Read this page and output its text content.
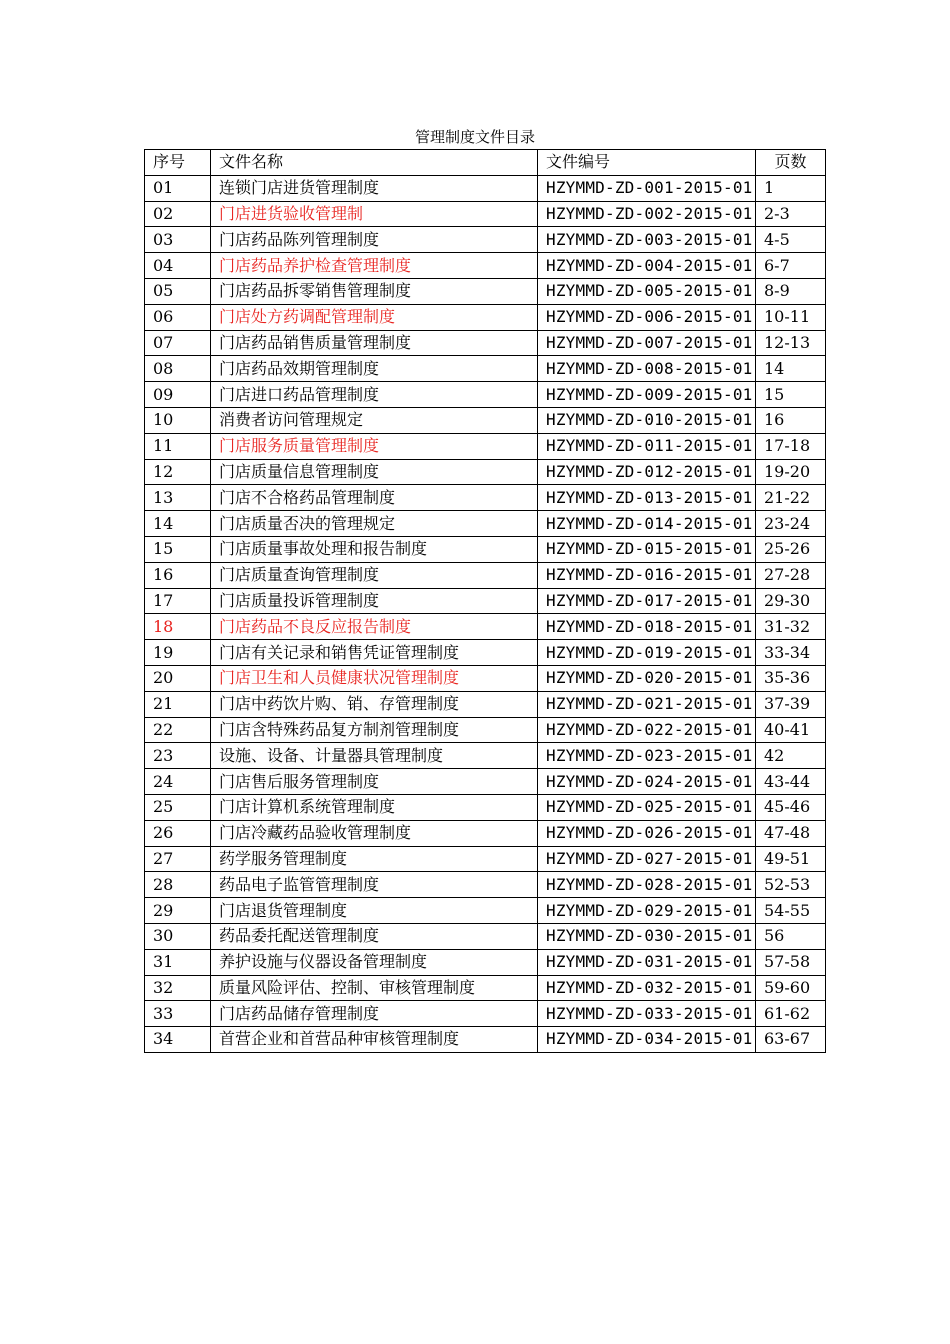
管理制度文件目录
序号	文件名称	文件编号	页数
01	连锁门店进货管理制度	HZYMMD-ZD-001-2015-01	1
02	门店进货验收管理制	HZYMMD-ZD-002-2015-01	2-3
03	门店药品陈列管理制度	HZYMMD-ZD-003-2015-01	4-5
04	门店药品养护检查管理制度	HZYMMD-ZD-004-2015-01	6-7
05	门店药品拆零销售管理制度	HZYMMD-ZD-005-2015-01	8-9
06	门店处方药调配管理制度	HZYMMD-ZD-006-2015-01	10-11
07	门店药品销售质量管理制度	HZYMMD-ZD-007-2015-01	12-13
08	门店药品效期管理制度	HZYMMD-ZD-008-2015-01	14
09	门店进口药品管理制度	HZYMMD-ZD-009-2015-01	15
10	消费者访问管理规定	HZYMMD-ZD-010-2015-01	16
11	门店服务质量管理制度	HZYMMD-ZD-011-2015-01	17-18
12	门店质量信息管理制度	HZYMMD-ZD-012-2015-01	19-20
13	门店不合格药品管理制度	HZYMMD-ZD-013-2015-01	21-22
14	门店质量否决的管理规定	HZYMMD-ZD-014-2015-01	23-24
15	门店质量事故处理和报告制度	HZYMMD-ZD-015-2015-01	25-26
16	门店质量查询管理制度	HZYMMD-ZD-016-2015-01	27-28
17	门店质量投诉管理制度	HZYMMD-ZD-017-2015-01	29-30
18	门店药品不良反应报告制度	HZYMMD-ZD-018-2015-01	31-32
19	门店有关记录和销售凭证管理制度	HZYMMD-ZD-019-2015-01	33-34
20	门店卫生和人员健康状况管理制度	HZYMMD-ZD-020-2015-01	35-36
21	门店中药饮片购、销、存管理制度	HZYMMD-ZD-021-2015-01	37-39
22	门店含特殊药品复方制剂管理制度	HZYMMD-ZD-022-2015-01	40-41
23	设施、设备、计量器具管理制度	HZYMMD-ZD-023-2015-01	42
24	门店售后服务管理制度	HZYMMD-ZD-024-2015-01	43-44
25	门店计算机系统管理制度	HZYMMD-ZD-025-2015-01	45-46
26	门店冷藏药品验收管理制度	HZYMMD-ZD-026-2015-01	47-48
27	药学服务管理制度	HZYMMD-ZD-027-2015-01	49-51
28	药品电子监管管理制度	HZYMMD-ZD-028-2015-01	52-53
29	门店退货管理制度	HZYMMD-ZD-029-2015-01	54-55
30	药品委托配送管理制度	HZYMMD-ZD-030-2015-01	56
31	养护设施与仪器设备管理制度	HZYMMD-ZD-031-2015-01	57-58
32	质量风险评估、控制、审核管理制度	HZYMMD-ZD-032-2015-01	59-60
33	门店药品储存管理制度	HZYMMD-ZD-033-2015-01	61-62
34	首营企业和首营品种审核管理制度	HZYMMD-ZD-034-2015-01	63-67
